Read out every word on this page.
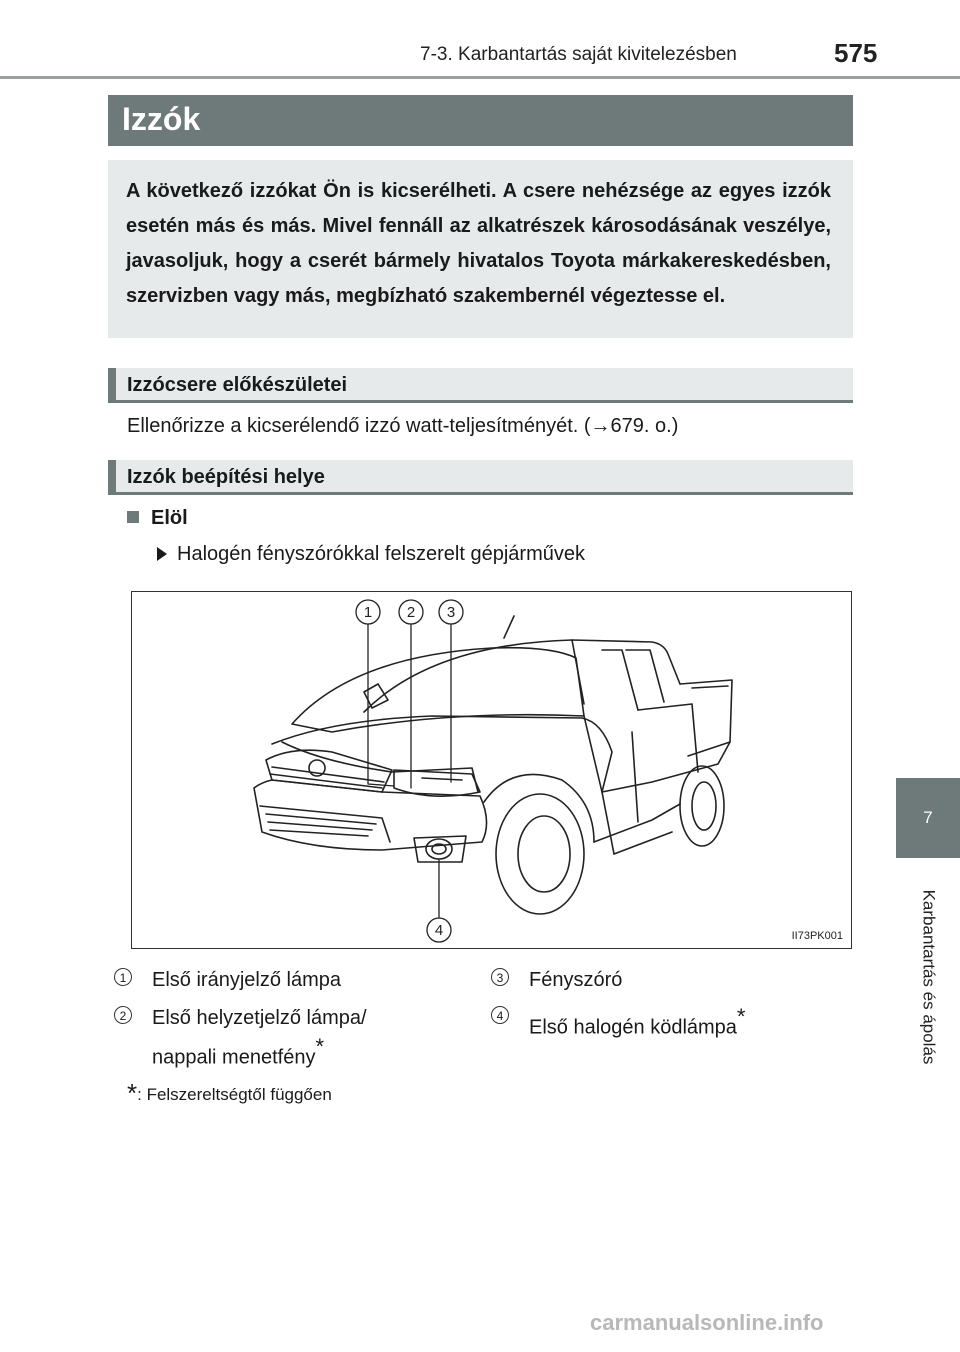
7-3. Karbantartás saját kivitelezésben	575
7
Karbantartás és ápolás
Izzók

A következő izzókat Ön is kicserélheti. A csere nehézsége az egyes izzók esetén más és más. Mivel fennáll az alkatrészek károsodásának veszélye, javasoljuk, hogy a cserét bármely hivatalos Toyota márkakereskedésben, szervizben vagy más, megbízható szakembernél végeztesse el.

Izzócsere előkészületei
Ellenőrizze a kicserélendő izzó watt-teljesítményét. (→679. o.)
Izzók beépítési helye
Elöl
Halogén fényszórókkal felszerelt gépjárművek
1 2 3
4	II73PK001
1 Első irányjelző lámpa
2 Első helyzetjelző lámpa/
nappali menetfény*
3 Fényszóró
4
Első halogén ködlámpa*
*: Felszereltségtől függően
carmanualsonline.info
